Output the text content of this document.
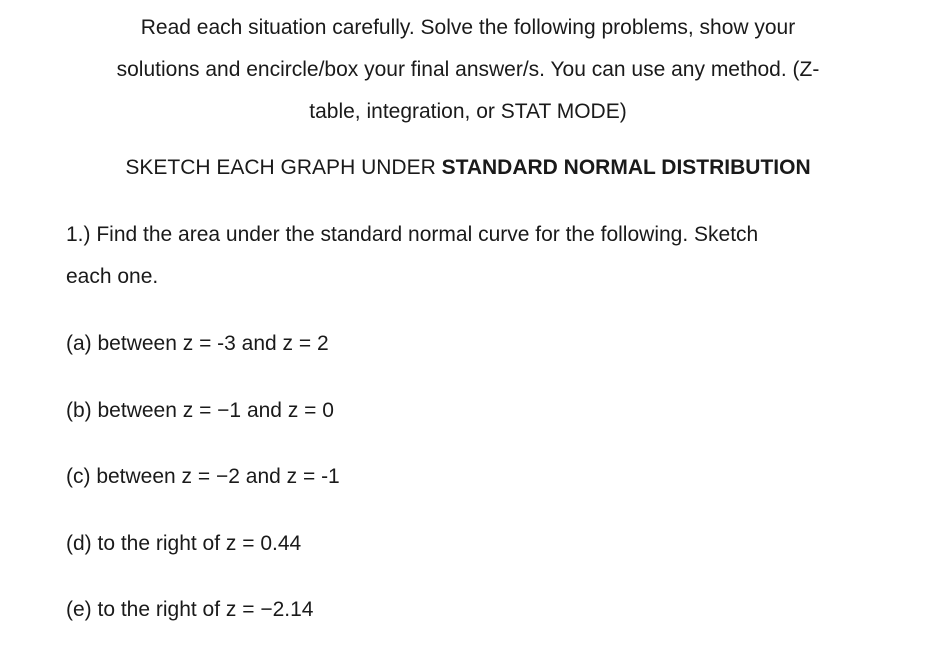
Read each situation carefully. Solve the following problems, show your
solutions and encircle/box your final answer/s. You can use any method. (Z-
table, integration, or STAT MODE)
SKETCH EACH GRAPH UNDER STANDARD NORMAL DISTRIBUTION
1.) Find the area under the standard normal curve for the following. Sketch
each one.
(a) between z = -3 and z = 2
(b) between z = −1 and z = 0
(c) between z = −2 and z = -1
(d) to the right of z = 0.44
(e) to the right of z = −2.14
